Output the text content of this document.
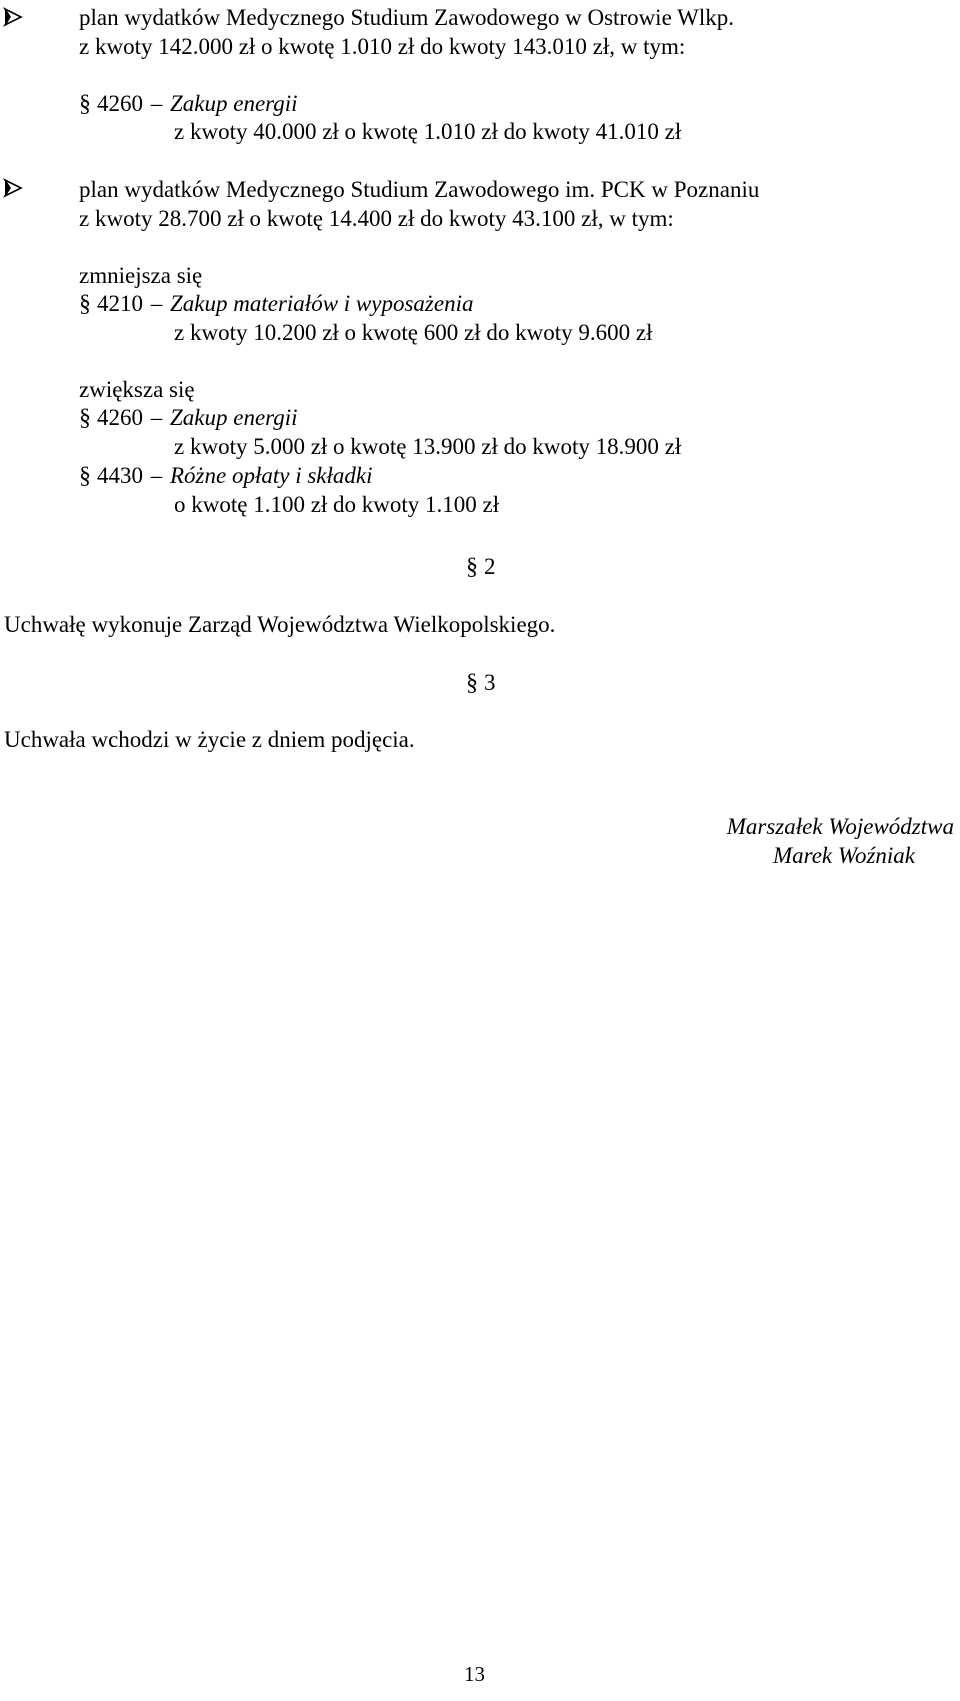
plan wydatków Medycznego Studium Zawodowego w Ostrowie Wlkp.
z kwoty 142.000 zł o kwotę 1.010 zł do kwoty 143.010 zł, w tym:
§ 4260 – Zakup energii
z kwoty 40.000 zł o kwotę 1.010 zł do kwoty 41.010 zł
plan wydatków Medycznego Studium Zawodowego im. PCK w Poznaniu
z kwoty 28.700 zł o kwotę 14.400 zł do kwoty 43.100 zł, w tym:
zmniejsza się
§ 4210 – Zakup materiałów i wyposażenia
z kwoty 10.200 zł o kwotę 600 zł do kwoty 9.600 zł
zwiększa się
§ 4260 – Zakup energii
z kwoty 5.000 zł o kwotę 13.900 zł do kwoty 18.900 zł
§ 4430 – Różne opłaty i składki
o kwotę 1.100 zł do kwoty 1.100 zł
§ 2
Uchwałę wykonuje Zarząd Województwa Wielkopolskiego.
§ 3
Uchwała wchodzi w życie z dniem podjęcia.
Marszałek Województwa
Marek Woźniak
13
